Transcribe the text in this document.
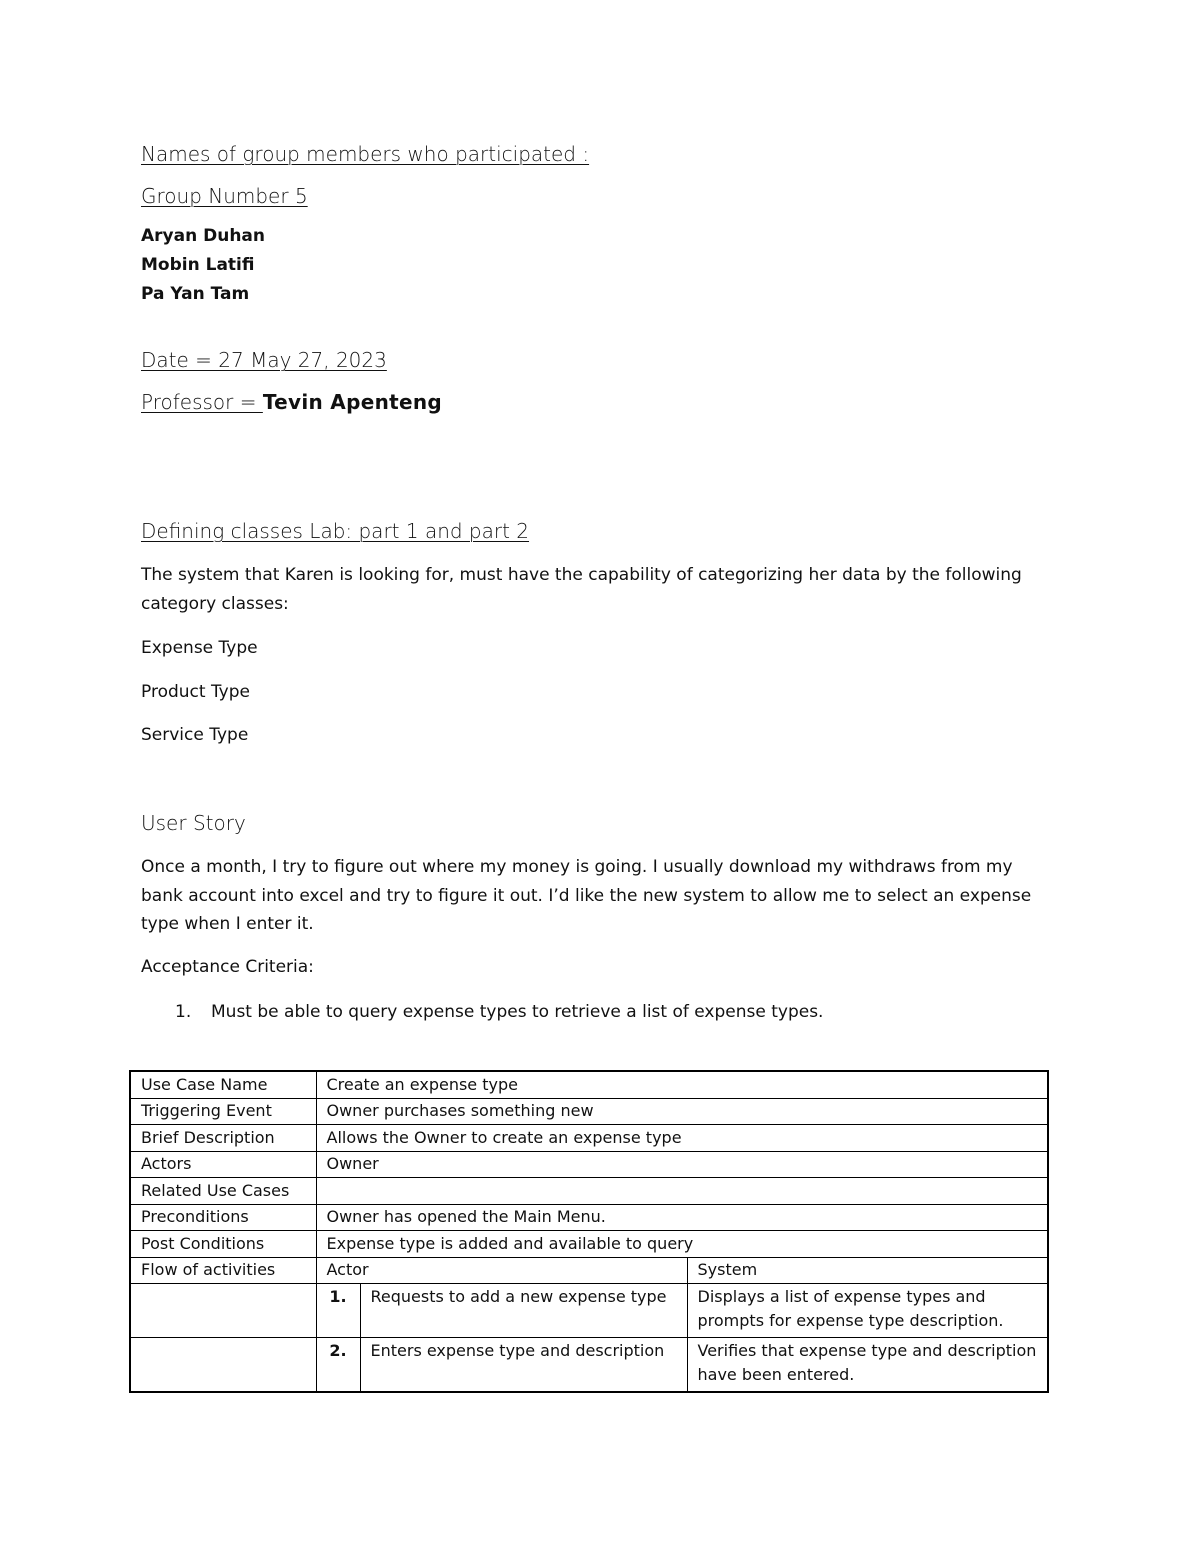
Names of group members who participated :
Group Number 5
Aryan Duhan
Mobin Latifi
Pa Yan Tam
Date = 27 May 27, 2023
Professor = Tevin Apenteng
Defining classes Lab: part 1 and part 2
The system that Karen is looking for, must have the capability of categorizing her data by the following category classes:
Expense Type
Product Type
Service Type
User Story
Once a month, I try to figure out where my money is going. I usually download my withdraws from my bank account into excel and try to figure it out. I’d like the new system to allow me to select an expense type when I enter it.
Acceptance Criteria:
1. Must be able to query expense types to retrieve a list of expense types.
Use Case Name	Create an expense type		
Triggering Event	Owner purchases something new		
Brief Description	Allows the Owner to create an expense type		
Actors	Owner		
Related Use Cases			
Preconditions	Owner has opened the Main Menu.		
Post Conditions	Expense type is added and available to query		
Flow of activities	Actor		System
	1.	Requests to add a new expense type	Displays a list of expense types and prompts for expense type description.
	2.	Enters expense type and description	Verifies that expense type and description have been entered.
